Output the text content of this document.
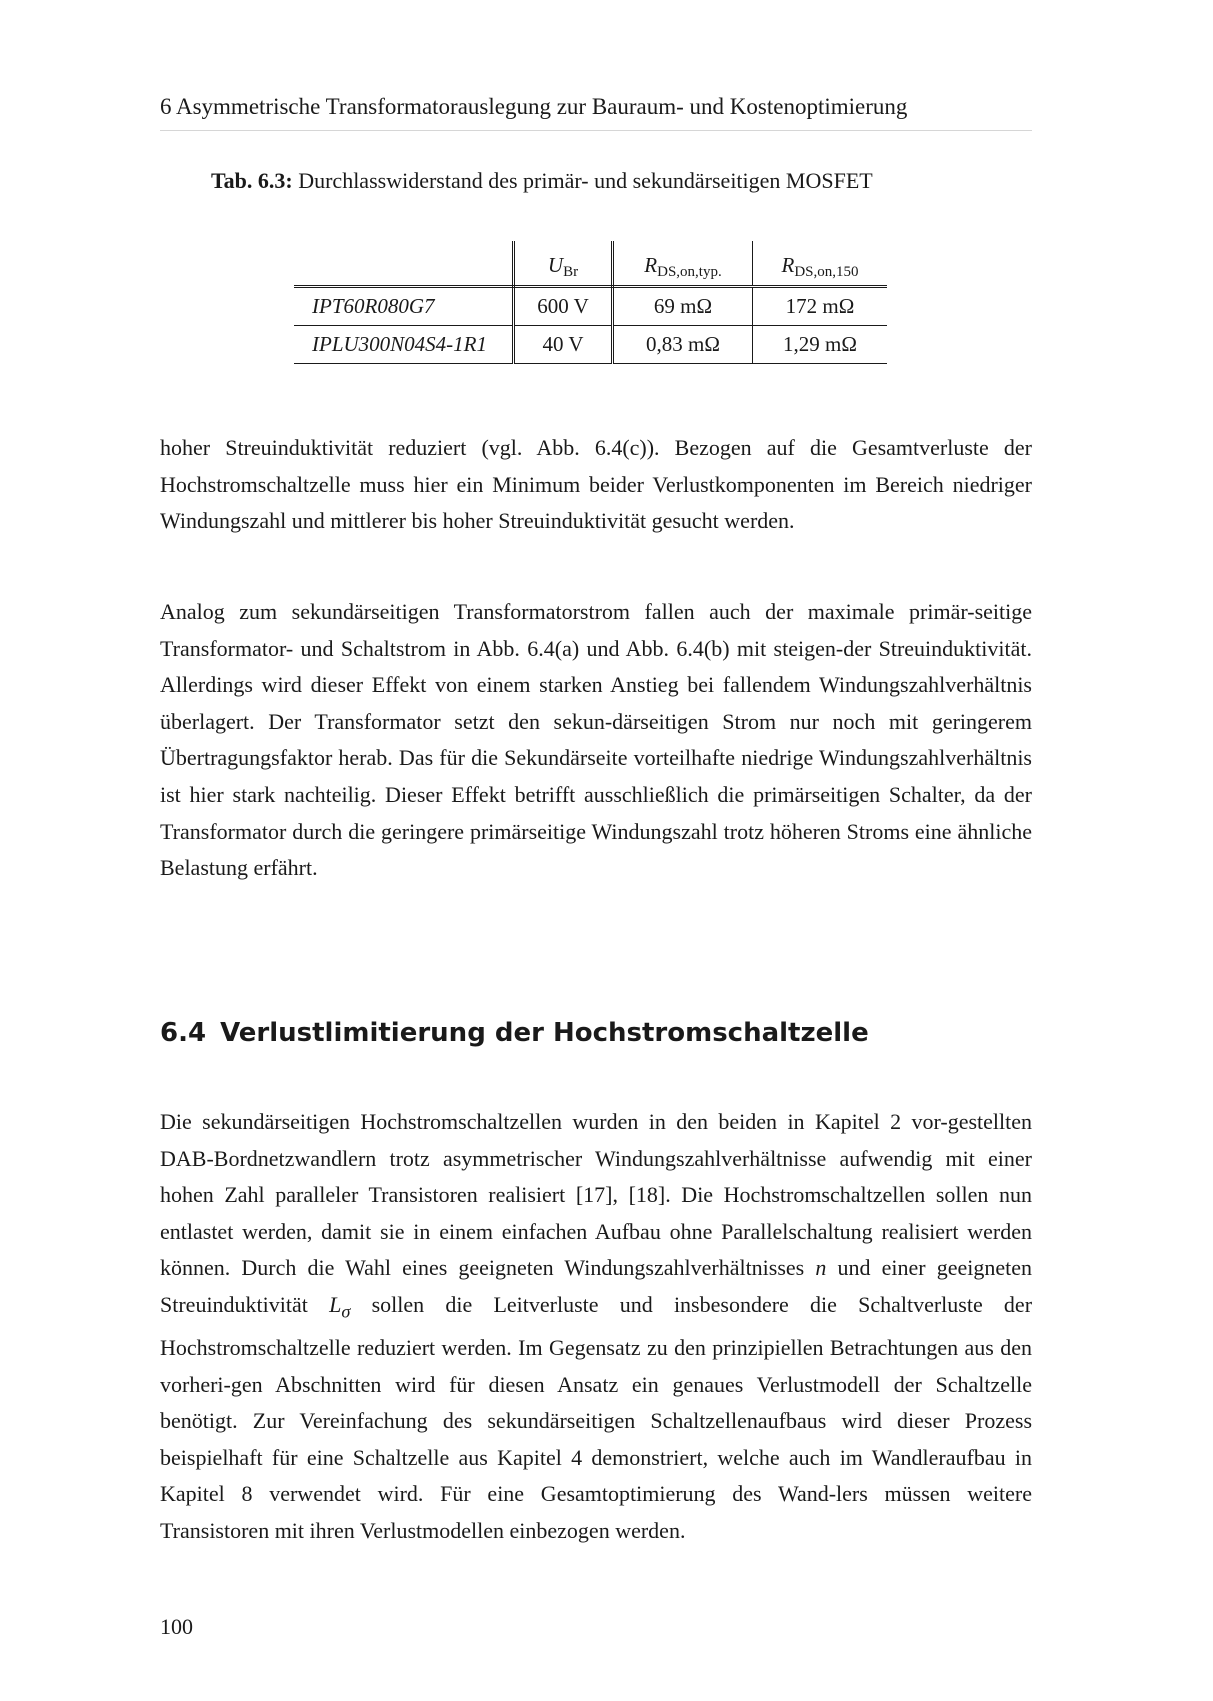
6 Asymmetrische Transformatorauslegung zur Bauraum- und Kostenoptimierung
Tab. 6.3: Durchlasswiderstand des primär- und sekundärseitigen MOSFET
	$U_{Br}$	$R_{DS,on,typ.}$	$R_{DS,on,150}$
IPT60R080G7	600 V	69 mΩ	172 mΩ
IPLU300N04S4-1R1	40 V	0,83 mΩ	1,29 mΩ

hoher Streuinduktivität reduziert (vgl. Abb. 6.4(c)). Bezogen auf die Gesamtverluste der Hochstromschaltzelle muss hier ein Minimum beider Verlustkomponenten im Bereich niedriger Windungszahl und mittlerer bis hoher Streuinduktivität gesucht werden.

Analog zum sekundärseitigen Transformatorstrom fallen auch der maximale primär-seitige Transformator- und Schaltstrom in Abb. 6.4(a) und Abb. 6.4(b) mit steigen-der Streuinduktivität. Allerdings wird dieser Effekt von einem starken Anstieg bei fallendem Windungszahlverhältnis überlagert. Der Transformator setzt den sekun-därseitigen Strom nur noch mit geringerem Übertragungsfaktor herab. Das für die Sekundärseite vorteilhafte niedrige Windungszahlverhältnis ist hier stark nachteilig. Dieser Effekt betrifft ausschließlich die primärseitigen Schalter, da der Transformator durch die geringere primärseitige Windungszahl trotz höheren Stroms eine ähnliche Belastung erfährt.

6.4 Verlustlimitierung der Hochstromschaltzelle

Die sekundärseitigen Hochstromschaltzellen wurden in den beiden in Kapitel 2 vor-gestellten DAB-Bordnetzwandlern trotz asymmetrischer Windungszahlverhältnisse aufwendig mit einer hohen Zahl paralleler Transistoren realisiert [17], [18]. Die Hochstromschaltzellen sollen nun entlastet werden, damit sie in einem einfachen Aufbau ohne Parallelschaltung realisiert werden können. Durch die Wahl eines geeigneten Windungszahlverhältnisses n und einer geeigneten Streuinduktivität $L_\sigma$ sollen die Leitverluste und insbesondere die Schaltverluste der Hochstromschaltzelle reduziert werden. Im Gegensatz zu den prinzipiellen Betrachtungen aus den vorheri-gen Abschnitten wird für diesen Ansatz ein genaues Verlustmodell der Schaltzelle benötigt. Zur Vereinfachung des sekundärseitigen Schaltzellenaufbaus wird dieser Prozess beispielhaft für eine Schaltzelle aus Kapitel 4 demonstriert, welche auch im Wandleraufbau in Kapitel 8 verwendet wird. Für eine Gesamtoptimierung des Wand-lers müssen weitere Transistoren mit ihren Verlustmodellen einbezogen werden.

100
